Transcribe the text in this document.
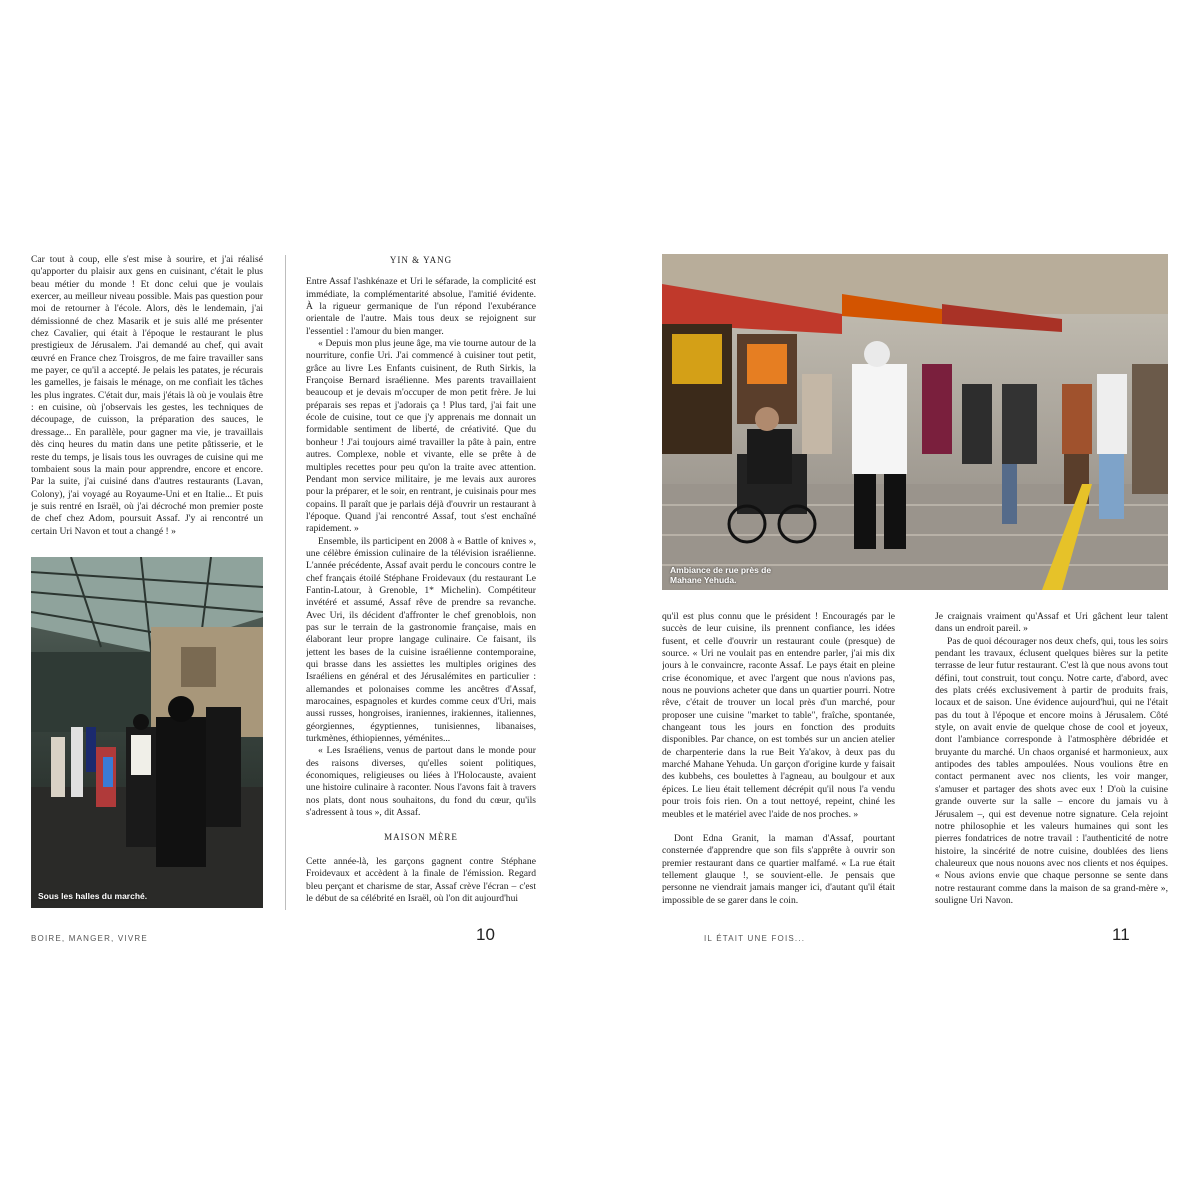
Car tout à coup, elle s'est mise à sourire, et j'ai réalisé qu'apporter du plaisir aux gens en cuisinant, c'était le plus beau métier du monde ! Et donc celui que je voulais exercer, au meilleur niveau possible. Mais pas question pour moi de retourner à l'école. Alors, dès le lendemain, j'ai démissionné de chez Masarik et je suis allé me présenter chez Cavalier, qui était à l'époque le restaurant le plus prestigieux de Jérusalem. J'ai demandé au chef, qui avait œuvré en France chez Troisgros, de me faire travailler sans me payer, ce qu'il a accepté. Je pelais les patates, je récurais les gamelles, je faisais le ménage, on me confiait les tâches les plus ingrates. C'était dur, mais j'étais là où je voulais être : en cuisine, où j'observais les gestes, les techniques de découpage, de cuisson, la préparation des sauces, le dressage... En parallèle, pour gagner ma vie, je travaillais dès cinq heures du matin dans une petite pâtisserie, et le reste du temps, je lisais tous les ouvrages de cuisine qui me tombaient sous la main pour apprendre, encore et encore. Par la suite, j'ai cuisiné dans d'autres restaurants (Lavan, Colony), j'ai voyagé au Royaume-Uni et en Italie... Et puis je suis rentré en Israël, où j'ai décroché mon premier poste de chef chez Adom, poursuit Assaf. J'y ai rencontré un certain Uri Navon et tout a changé ! »

Sous les halles du marché.
YIN & YANG

Entre Assaf l'ashkénaze et Uri le séfarade, la complicité est immédiate, la complémentarité absolue, l'amitié évidente. À la rigueur germanique de l'un répond l'exubérance orientale de l'autre. Mais tous deux se rejoignent sur l'essentiel : l'amour du bien manger.

« Depuis mon plus jeune âge, ma vie tourne autour de la nourriture, confie Uri. J'ai commencé à cuisiner tout petit, grâce au livre Les Enfants cuisinent, de Ruth Sirkis, la Françoise Bernard israélienne. Mes parents travaillaient beaucoup et je devais m'occuper de mon petit frère. Je lui préparais ses repas et j'adorais ça ! Plus tard, j'ai fait une école de cuisine, tout ce que j'y apprenais me donnait un formidable sentiment de liberté, de créativité. Que du bonheur ! J'ai toujours aimé travailler la pâte à pain, entre autres. Complexe, noble et vivante, elle se prête à de multiples recettes pour peu qu'on la traite avec attention. Pendant mon service militaire, je me levais aux aurores pour la préparer, et le soir, en rentrant, je cuisinais pour mes copains. Il paraît que je parlais déjà d'ouvrir un restaurant à l'époque. Quand j'ai rencontré Assaf, tout s'est enchaîné rapidement. »

Ensemble, ils participent en 2008 à « Battle of knives », une célèbre émission culinaire de la télévision israélienne. L'année précédente, Assaf avait perdu le concours contre le chef français étoilé Stéphane Froidevaux (du restaurant Le Fantin-Latour, à Grenoble, 1* Michelin). Compétiteur invétéré et assumé, Assaf rêve de prendre sa revanche. Avec Uri, ils décident d'affronter le chef grenoblois, non pas sur le terrain de la gastronomie française, mais en élaborant leur propre langage culinaire. Ce faisant, ils jettent les bases de la cuisine israélienne contemporaine, qui brasse dans les assiettes les multiples origines des Israéliens en général et des Jérusalémites en particulier : allemandes et polonaises comme les ancêtres d'Assaf, marocaines, espagnoles et kurdes comme ceux d'Uri, mais aussi russes, hongroises, iraniennes, irakiennes, italiennes, géorgiennes, égyptiennes, tunisiennes, libanaises, turkmènes, éthiopiennes, yéménites...

« Les Israéliens, venus de partout dans le monde pour des raisons diverses, qu'elles soient politiques, économiques, religieuses ou liées à l'Holocauste, avaient une histoire culinaire à raconter. Nous l'avons fait à travers nos plats, dont nous souhaitons, du fond du cœur, qu'ils s'adressent à tous », dit Assaf.

MAISON MÈRE

Cette année-là, les garçons gagnent contre Stéphane Froidevaux et accèdent à la finale de l'émission. Regard bleu perçant et charisme de star, Assaf crève l'écran – c'est le début de sa célébrité en Israël, où l'on dit aujourd'hui

BOIRE, MANGER, VIVRE	10
Ambiance de rue près de Mahane Yehuda.

qu'il est plus connu que le président ! Encouragés par le succès de leur cuisine, ils prennent confiance, les idées fusent, et celle d'ouvrir un restaurant coule (presque) de source. « Uri ne voulait pas en entendre parler, j'ai mis dix jours à le convaincre, raconte Assaf. Le pays était en pleine crise économique, et avec l'argent que nous n'avions pas, nous ne pouvions acheter que dans un quartier pourri. Notre rêve, c'était de trouver un local près d'un marché, pour proposer une cuisine "market to table", fraîche, spontanée, changeant tous les jours en fonction des produits disponibles. Par chance, on est tombés sur un ancien atelier de charpenterie dans la rue Beit Ya'akov, à deux pas du marché Mahane Yehuda. Un garçon d'origine kurde y faisait des kubbehs, ces boulettes à l'agneau, au boulgour et aux épices. Le lieu était tellement décrépit qu'il nous l'a vendu pour trois fois rien. On a tout nettoyé, repeint, chiné les meubles et le matériel avec l'aide de nos proches. »

Dont Edna Granit, la maman d'Assaf, pourtant consternée d'apprendre que son fils s'apprête à ouvrir son premier restaurant dans ce quartier malfamé. « La rue était tellement glauque !, se souvient-elle. Je pensais que personne ne viendrait jamais manger ici, d'autant qu'il était impossible de se garer dans le coin.

Je craignais vraiment qu'Assaf et Uri gâchent leur talent dans un endroit pareil. »

Pas de quoi décourager nos deux chefs, qui, tous les soirs pendant les travaux, éclusent quelques bières sur la petite terrasse de leur futur restaurant. C'est là que nous avons tout défini, tout construit, tout conçu. Notre carte, d'abord, avec des plats créés exclusivement à partir de produits frais, locaux et de saison. Une évidence aujourd'hui, qui ne l'était pas du tout à l'époque et encore moins à Jérusalem. Côté style, on avait envie de quelque chose de cool et joyeux, dont l'ambiance corresponde à l'atmosphère débridée et bruyante du marché. Un chaos organisé et harmonieux, aux antipodes des tables ampoulées. Nous voulions être en contact permanent avec nos clients, les voir manger, s'amuser et partager des shots avec eux ! D'où la cuisine grande ouverte sur la salle – encore du jamais vu à Jérusalem –, qui est devenue notre signature. Cela rejoint notre philosophie et les valeurs humaines qui sont les pierres fondatrices de notre travail : l'authenticité de notre histoire, la sincérité de notre cuisine, doublées des liens chaleureux que nous nouons avec nos clients et nos équipes. « Nous avions envie que chaque personne se sente dans notre restaurant comme dans la maison de sa grand-mère », souligne Uri Navon.

IL ÉTAIT UNE FOIS...	11
